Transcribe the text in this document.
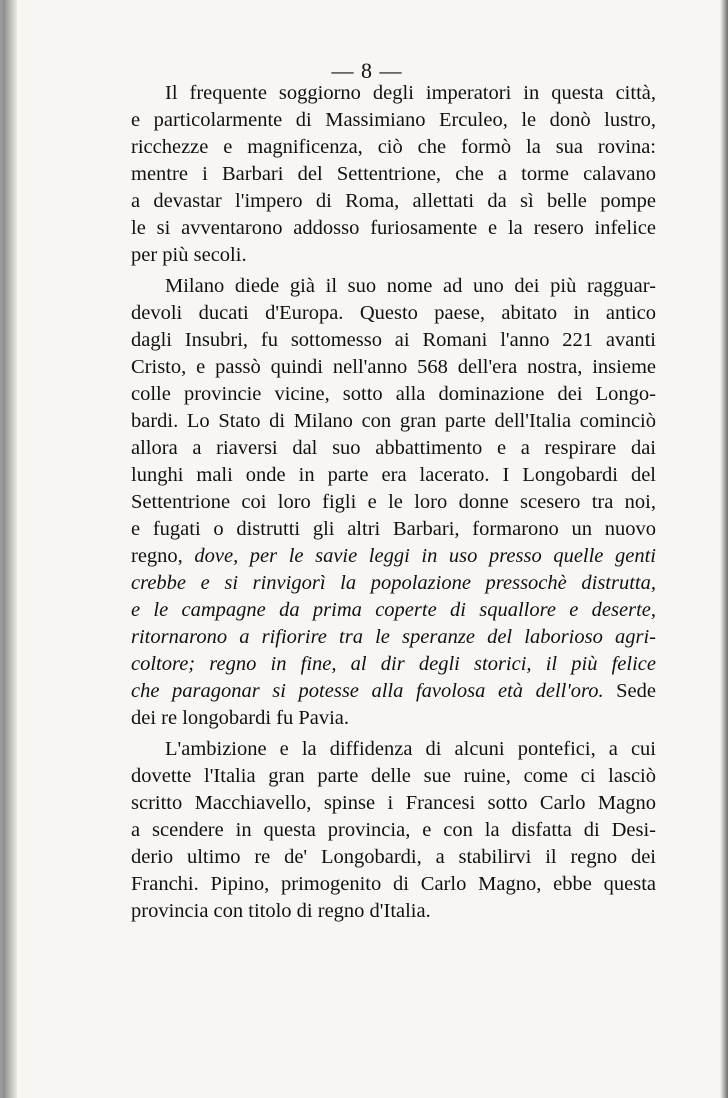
— 8 —
Il frequente soggiorno degli imperatori in questa città,
e particolarmente di Massimiano Erculeo, le donò lustro,
ricchezze e magnificenza, ciò che formò la sua rovina:
mentre i Barbari del Settentrione, che a torme calavano
a devastar l'impero di Roma, allettati da sì belle pompe
le si avventarono addosso furiosamente e la resero infelice
per più secoli.
Milano diede già il suo nome ad uno dei più ragguar-
devoli ducati d'Europa. Questo paese, abitato in antico
dagli Insubri, fu sottomesso ai Romani l'anno 221 avanti
Cristo, e passò quindi nell'anno 568 dell'era nostra, insieme
colle provincie vicine, sotto alla dominazione dei Longo-
bardi. Lo Stato di Milano con gran parte dell'Italia cominciò
allora a riaversi dal suo abbattimento e a respirare dai
lunghi mali onde in parte era lacerato. I Longobardi del
Settentrione coi loro figli e le loro donne scesero tra noi,
e fugati o distrutti gli altri Barbari, formarono un nuovo
regno, dove, per le savie leggi in uso presso quelle genti
crebbe e si rinvigorì la popolazione pressochè distrutta,
e le campagne da prima coperte di squallore e deserte,
ritornarono a rifiorire tra le speranze del laborioso agri-
coltore; regno in fine, al dir degli storici, il più felice
che paragonar si potesse alla favolosa età dell'oro. Sede
dei re longobardi fu Pavia.
L'ambizione e la diffidenza di alcuni pontefici, a cui
dovette l'Italia gran parte delle sue ruine, come ci lasciò
scritto Macchiavello, spinse i Francesi sotto Carlo Magno
a scendere in questa provincia, e con la disfatta di Desi-
derio ultimo re de' Longobardi, a stabilirvi il regno dei
Franchi. Pipino, primogenito di Carlo Magno, ebbe questa
provincia con titolo di regno d'Italia.
